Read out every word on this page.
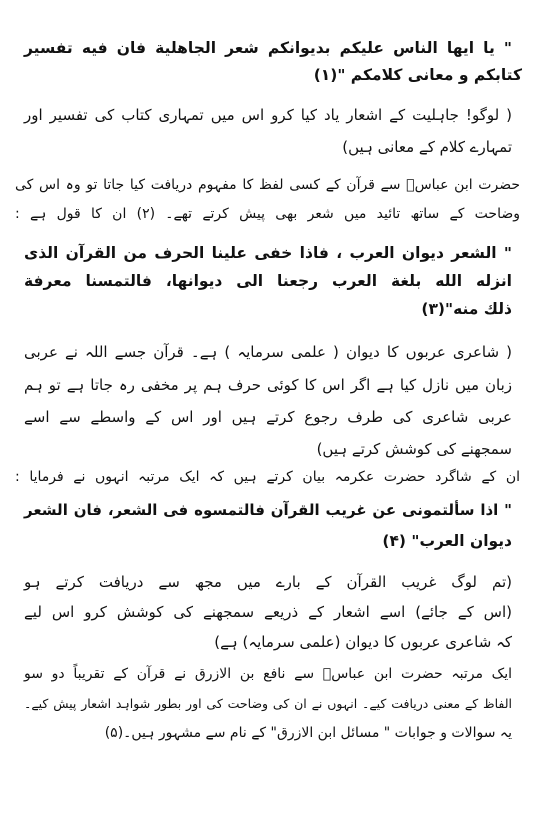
" یا ایها الناس علیکم بدیوانکم شعر الجاهلیة فان فیه تفسیر
کتابکم و معانی کلامکم "(۱)
( لوگو! جاہلیت کے اشعار یاد کیا کرو اس میں تمہاری کتاب کی تفسیر اور
تمہارے کلام کے معانی ہیں)
حضرت ابن عباسؓ سے قرآن کے کسی لفظ کا مفہوم دریافت کیا جاتا تو وہ اس کی
وضاحت کے ساتھ تائید میں شعر بھی پیش کرتے تھے۔ (۲) ان کا قول ہے :
" الشعر دیوان العرب ، فاذا خفی علینا الحرف من القرآن الذی
انزله الله بلغة العرب رجعنا الی دیوانها، فالتمسنا معرفة
ذلك منه"(۳)
( شاعری عربوں کا دیوان ( علمی سرمایہ ) ہے۔ قرآن جسے اللہ نے عربی
زبان میں نازل کیا ہے اگر اس کا کوئی حرف ہم پر مخفی رہ جاتا ہے تو ہم
عربی شاعری کی طرف رجوع کرتے ہیں اور اس کے واسطے سے اسے
سمجھنے کی کوشش کرتے ہیں)
ان کے شاگرد حضرت عکرمہ بیان کرتے ہیں کہ ایک مرتبہ انہوں نے فرمایا :
" اذا سألتمونی عن غریب القرآن فالتمسوه فی الشعر، فان الشعر
دیوان العرب" (۴)
(تم لوگ غریب القرآن کے بارے میں مجھ سے دریافت کرتے ہو
(اس کے جائے) اسے اشعار کے ذریعے سمجھنے کی کوشش کرو اس لیے
کہ شاعری عربوں کا دیوان (علمی سرمایہ) ہے)
ایک مرتبہ حضرت ابن عباسؓ سے نافع بن الازرق نے قرآن کے تقریباً دو سو
الفاظ کے معنی دریافت کیے۔ انہوں نے ان کی وضاحت کی اور بطور شواہد اشعار پیش کیے۔
یہ سوالات و جوابات " مسائل ابن الازرق" کے نام سے مشہور ہیں۔(۵)
